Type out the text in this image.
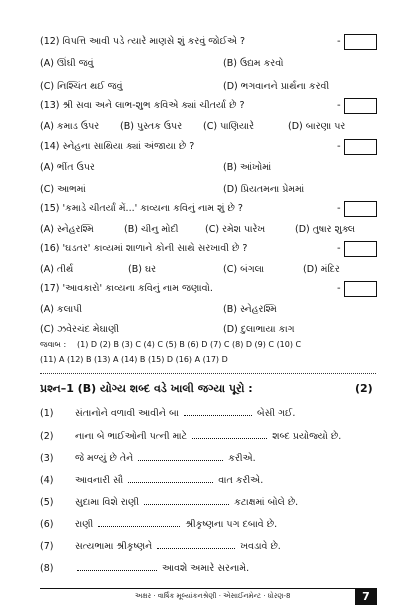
(12) વિપત્તિ આવી પડે ત્યારે માણસે શું કરવું જોઈએ ?	-
(A) ઊંઘી જવું	(B) ઉદ્યમ કરવો
(C) નિશ્ચિંત થઈ જવું	(D) ભગવાનને પ્રાર્થના કરવી
(13) શ્રી સવા અને લાભ-શુભ કવિએ ક્યાં ચીતર્યા છે ?	-
(A) કમાડ ઉપર (B) પુસ્તક ઉપર (C) પાણિયારે	(D) બારણા પર
(14) સ્નેહના સાથિયા ક્યાં અંજાયા છે ?	-
(A) ભીંત ઉપર	(B) આંખોમાં
(C) આભમાં	(D) પ્રિયતમના પ્રેમમાં
(15) 'કમાડે ચીતર્યાં મેં...' કાવ્યના કવિનું નામ શું છે ?	-
(A) સ્નેહરશ્મિ	(B) ચીનુ મોદી	(C) રમેશ પારેખ	(D) તુષાર શુક્લ
(16) 'ઘડતર' કાવ્યમાં શાળાને કોની સાથે સરખાવી છે ?	-
(A) તીર્થ	(B) ઘર	(C) બંગલા	(D) મંદિર
(17) 'આવકારો' કાવ્યના કવિનું નામ જણાવો.	-
(A) કલાપી	(B) સ્નેહરશ્મિ
(C) ઝવેરચંદ મેઘાણી	(D) દુલાભાયા કાગ
જવાબ : (1) D (2) B (3) C (4) C (5) B (6) D (7) C (8) D (9) C (10) C
(11) A (12) B (13) A (14) B (15) D (16) A (17) D
પ્રશ્ન–1 (B) યોગ્ય શબ્દ વડે ખાલી જગ્યા પૂરો :	(2)
(1) સંતાનોને વળાવી આવીને બા	બેસી ગઈ.
(2) નાના બે ભાઈઓની પત્ની માટે	શબ્દ પ્રયોજ્યો છે.
(3) જે મળ્યું છે તેને	કરીએ.
(4) આવનારી સૌ	વાત કરીએ.
(5) સુદામા વિશે રાણી	કટાક્ષમાં બોલે છે.
(6) રાણી	શ્રીકૃષ્ણના પગ દબાવે છે.
(7) સત્યભામા શ્રીકૃષ્ણને	ખવડાવે છે.
(8)	આવશે અમારે સરનામે.
અક્ષર · વાર્ષિક મૂલ્યાંકનશ્રેણી · એસાઈનમેન્ટ · ધોરણ-8	7
